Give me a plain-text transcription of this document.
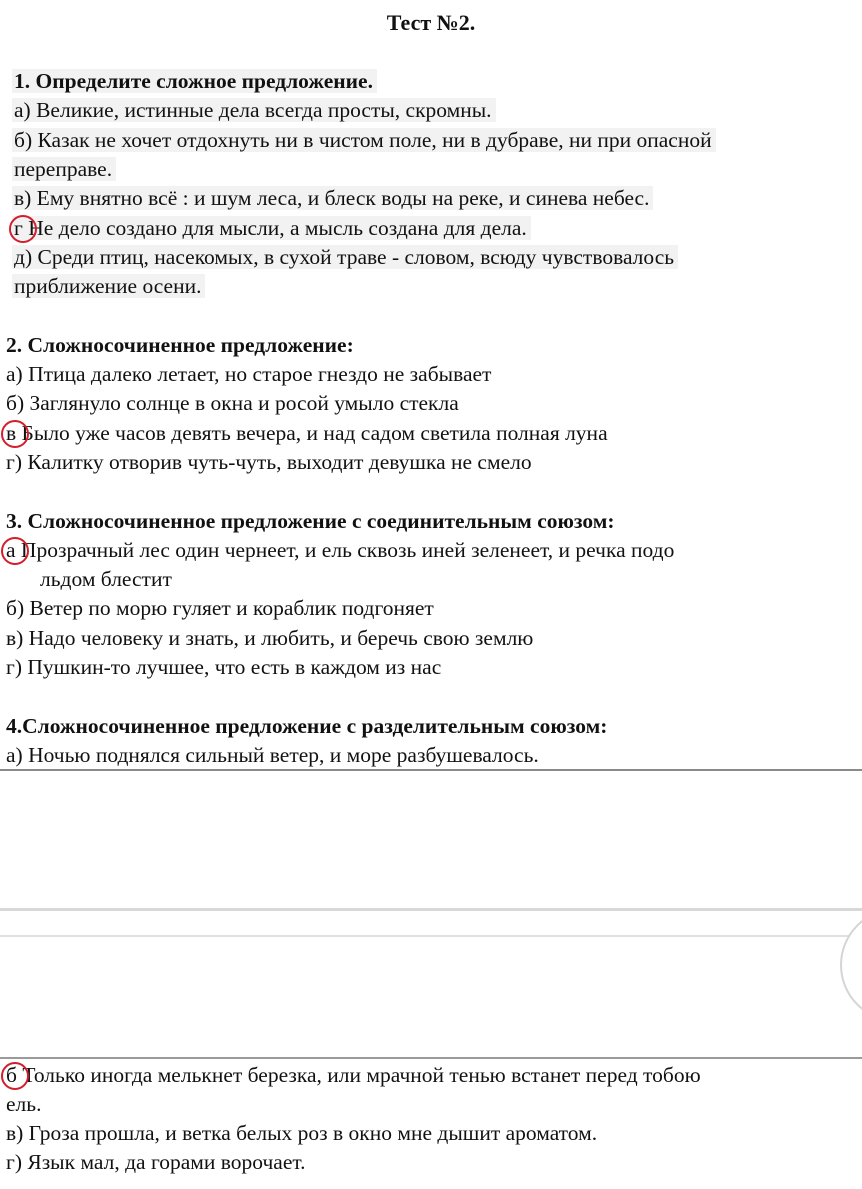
Тест №2.
1. Определите сложное предложение.
а) Великие, истинные дела всегда просты, скромны.
б) Казак не хочет отдохнуть ни в чистом поле, ни в дубраве, ни при опасной
переправе.
в) Ему внятно всё : и шум леса, и блеск воды на реке, и синева небес.
г Не дело создано для мысли, а мысль создана для дела.
д) Среди птиц, насекомых, в сухой траве - словом, всюду чувствовалось
приближение осени.
2. Сложносочиненное предложение:
а) Птица далеко летает, но старое гнездо не забывает
б) Заглянуло солнце в окна и росой умыло стекла
в Было уже часов девять вечера, и над садом светила полная луна
г) Калитку отворив чуть-чуть, выходит девушка не смело
3. Сложносочиненное предложение с соединительным союзом:
а Прозрачный лес один чернеет, и ель сквозь иней зеленеет, и речка подо
льдом блестит
б) Ветер по морю гуляет и кораблик подгоняет
в) Надо человеку и знать, и любить, и беречь свою землю
г) Пушкин-то лучшее, что есть в каждом из нас
4.Сложносочиненное предложение с разделительным союзом:
а) Ночью поднялся сильный ветер, и море разбушевалось.
б Только иногда мелькнет березка, или мрачной тенью встанет перед тобою
ель.
в) Гроза прошла, и ветка белых роз в окно мне дышит ароматом.
г) Язык мал, да горами ворочает.
